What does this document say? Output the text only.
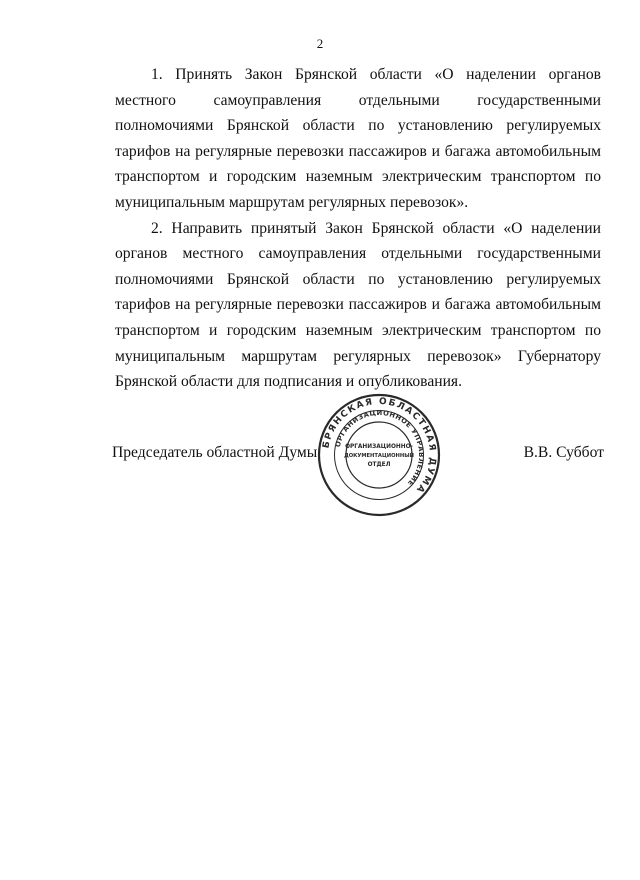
2

1. Принять Закон Брянской области «О наделении органов местного самоуправления отдельными государственными полномочиями Брянской области по установлению регулируемых тарифов на регулярные перевозки пассажиров и багажа автомобильным транспортом и городским наземным электрическим транспортом по муниципальным маршрутам регулярных перевозок».

2. Направить принятый Закон Брянской области «О наделении органов местного самоуправления отдельными государственными полномочиями Брянской области по установлению регулируемых тарифов на регулярные перевозки пассажиров и багажа автомобильным транспортом и городским наземным электрическим транспортом по муниципальным маршрутам регулярных перевозок» Губернатору Брянской области для подписания и опубликования.

Председатель областной Думы БРЯНСКАЯ ОБЛАСТНАЯ ДУМА
ОРГАНИЗАЦИОННОЕ УПРАВЛЕНИЕ
ОРГАНИЗАЦИОННО-
ДОКУМЕНТАЦИОННЫЙ
ОТДЕЛ
В.В. Суббот
